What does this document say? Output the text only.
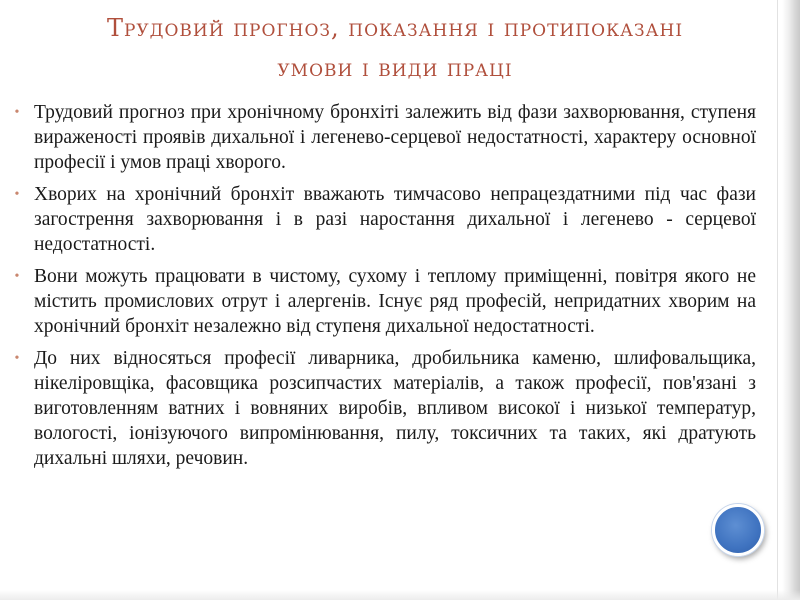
Трудовий прогноз, показання і протипоказані
умови і види праці
• Трудовий прогноз при хронічному бронхіті залежить від фази захворювання, ступеня вираженості проявів дихальної і легенево-серцевої недостатності, характеру основної професії і умов праці хворого.
• Хворих на хронічний бронхіт вважають тимчасово непрацездатними під час фази загострення захворювання і в разі наростання дихальної і легенево - серцевої недостатності.
• Вони можуть працювати в чистому, сухому і теплому приміщенні, повітря якого не містить промислових отрут і алергенів. Існує ряд професій, непридатних хворим на хронічний бронхіт незалежно від ступеня дихальної недостатності.
• До них відносяться професії ливарника, дробильника каменю, шлифовальщика, нікеліровщіка, фасовщика розсипчастих матеріалів, а також професії, пов'язані з виготовленням ватних і вовняних виробів, впливом високої і низької температур, вологості, іонізуючого випромінювання, пилу, токсичних та таких, які дратують дихальні шляхи, речовин.
